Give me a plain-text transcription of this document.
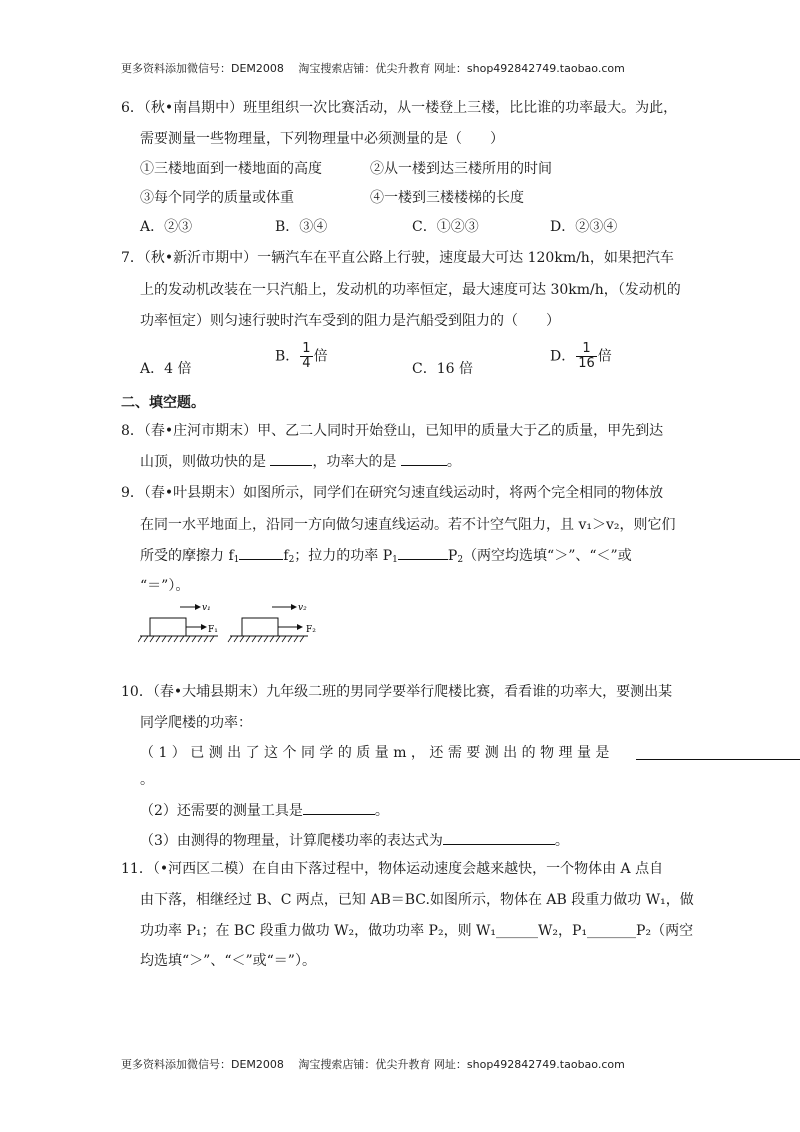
更多资料添加微信号：DEM2008　 淘宝搜索店铺：优尖升教育 网址：shop492842749.taobao.com
6．（秋•南昌期中）班里组织一次比赛活动，从一楼登上三楼，比比谁的功率最大。为此，
需要测量一些物理量，下列物理量中必须测量的是（　　）
①三楼地面到一楼地面的高度	②从一楼到达三楼所用的时间
③每个同学的质量或体重	④一楼到三楼楼梯的长度
A．②③	B．③④	C．①②③	D．②③④
7．（秋•新沂市期中）一辆汽车在平直公路上行驶，速度最大可达 120km/h，如果把汽车
上的发动机改装在一只汽船上，发动机的功率恒定，最大速度可达 30km/h，（发动机的
功率恒定）则匀速行驶时汽车受到的阻力是汽船受到阻力的（　　）
A．4 倍
B． $\frac{1}{4}$ 倍
C．16 倍
D． $\frac{1}{16}$ 倍
二、填空题。
8．（春•庄河市期末）甲、乙二人同时开始登山，已知甲的质量大于乙的质量，甲先到达
山顶，则做功快的是	，功率大的是	。
9．（春•叶县期末）如图所示，同学们在研究匀速直线运动时，将两个完全相同的物体放
在同一水平地面上，沿同一方向做匀速直线运动。若不计空气阻力，且 v₁＞v₂，则它们
所受的摩擦力 $f_1$	$f_2$；拉力的功率 $P_1$	$P_2$（两空均选填“＞”、“＜”或
“＝”）。
v₁
F₁
v₂
F₂
10．（春•大埔县期末）九年级二班的男同学要举行爬楼比赛，看看谁的功率大，要测出某
同学爬楼的功率：
（ 1 ） 已 测 出 了 这 个 同 学 的 质 量 m ， 还 需 要 测 出 的 物 理 量 是
。
（2）还需要的测量工具是	。
（3）由测得的物理量，计算爬楼功率的表达式为	。
11．（•河西区二模）在自由下落过程中，物体运动速度会越来越快，一个物体由 A 点自
由下落，相继经过 B、C 两点，已知 AB＝BC.如图所示，物体在 AB 段重力做功 W₁，做
功功率 P₁；在 BC 段重力做功 W₂，做功功率 P₂，则 W₁______W₂，P₁_______P₂（两空
均选填“＞”、“＜”或“＝”）。
更多资料添加微信号：DEM2008　 淘宝搜索店铺：优尖升教育 网址：shop492842749.taobao.com
